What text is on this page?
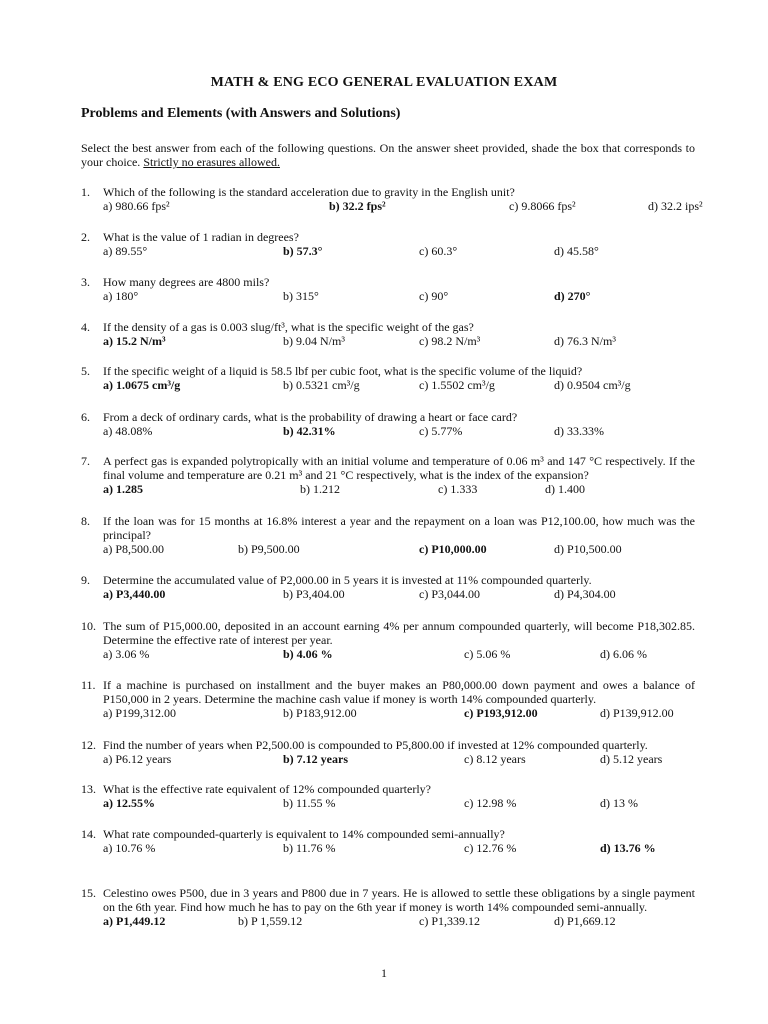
MATH & ENG ECO GENERAL EVALUATION EXAM
Problems and Elements (with Answers and Solutions)
Select the best answer from each of the following questions. On the answer sheet provided, shade the box that corresponds to your choice. Strictly no erasures allowed.
1. Which of the following is the standard acceleration due to gravity in the English unit?
a) 980.66 fps²	b) 32.2 fps²	c) 9.8066 fps²	d) 32.2 ips²
2. What is the value of 1 radian in degrees?
a) 89.55°	b) 57.3°	c) 60.3°	d) 45.58°
3. How many degrees are 4800 mils?
a) 180°	b) 315°	c) 90°	d) 270°
4. If the density of a gas is 0.003 slug/ft³, what is the specific weight of the gas?
a) 15.2 N/m³	b) 9.04 N/m³	c) 98.2 N/m³	d) 76.3 N/m³
5. If the specific weight of a liquid is 58.5 lbf per cubic foot, what is the specific volume of the liquid?
a) 1.0675 cm³/g	b) 0.5321 cm³/g	c) 1.5502 cm³/g	d) 0.9504 cm³/g
6. From a deck of ordinary cards, what is the probability of drawing a heart or face card?
a) 48.08%	b) 42.31%	c) 5.77%	d) 33.33%
7. A perfect gas is expanded polytropically with an initial volume and temperature of 0.06 m³ and 147 °C respectively. If the final volume and temperature are 0.21 m³ and 21 °C respectively, what is the index of the expansion?
a) 1.285	b) 1.212	c) 1.333	d) 1.400
8. If the loan was for 15 months at 16.8% interest a year and the repayment on a loan was P12,100.00, how much was the principal?
a) P8,500.00	b) P9,500.00	c) P10,000.00	d) P10,500.00
9. Determine the accumulated value of P2,000.00 in 5 years it is invested at 11% compounded quarterly.
a) P3,440.00	b) P3,404.00	c) P3,044.00	d) P4,304.00
10. The sum of P15,000.00, deposited in an account earning 4% per annum compounded quarterly, will become P18,302.85. Determine the effective rate of interest per year.
a) 3.06 %	b) 4.06 %	c) 5.06 %	d) 6.06 %
11. If a machine is purchased on installment and the buyer makes an P80,000.00 down payment and owes a balance of P150,000 in 2 years. Determine the machine cash value if money is worth 14% compounded quarterly.
a) P199,312.00	b) P183,912.00	c) P193,912.00	d) P139,912.00
12. Find the number of years when P2,500.00 is compounded to P5,800.00 if invested at 12% compounded quarterly.
a) P6.12 years	b) 7.12 years	c) 8.12 years	d) 5.12 years
13. What is the effective rate equivalent of 12% compounded quarterly?
a) 12.55%	b) 11.55 %	c) 12.98 %	d) 13 %
14. What rate compounded-quarterly is equivalent to 14% compounded semi-annually?
a) 10.76 %	b) 11.76 %	c) 12.76 %	d) 13.76 %
15. Celestino owes P500, due in 3 years and P800 due in 7 years. He is allowed to settle these obligations by a single payment on the 6th year. Find how much he has to pay on the 6th year if money is worth 14% compounded semi-annually.
a) P1,449.12	b) P 1,559.12	c) P1,339.12	d) P1,669.12
1
